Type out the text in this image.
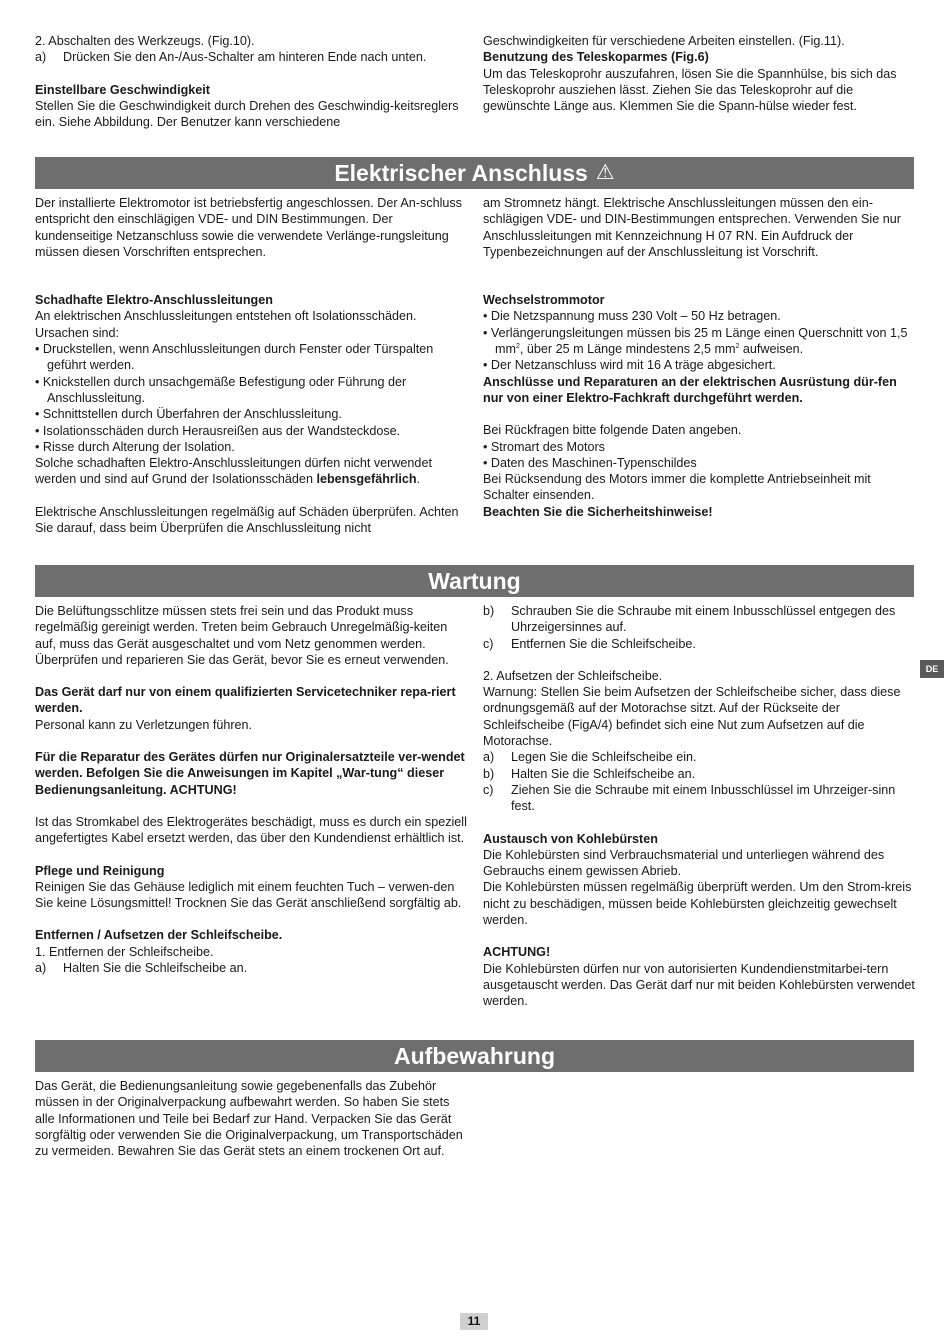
2. Abschalten des Werkzeugs. (Fig.10).

a) Drücken Sie den An-/Aus-Schalter am hinteren Ende nach unten.

Einstellbare Geschwindigkeit

Stellen Sie die Geschwindigkeit durch Drehen des Geschwindig-keitsreglers ein. Siehe Abbildung. Der Benutzer kann verschiedene

Geschwindigkeiten für verschiedene Arbeiten einstellen. (Fig.11).

Benutzung des Teleskoparmes (Fig.6)

Um das Teleskoprohr auszufahren, lösen Sie die Spannhülse, bis sich das Teleskoprohr ausziehen lässt. Ziehen Sie das Teleskoprohr auf die gewünschte Länge aus. Klemmen Sie die Spann-hülse wieder fest.

Elektrischer Anschluss ⚠

Der installierte Elektromotor ist betriebsfertig angeschlossen. Der An-schluss entspricht den einschlägigen VDE- und DIN Bestimmungen. Der kundenseitige Netzanschluss sowie die verwendete Verlänge-rungsleitung müssen diesen Vorschriften entsprechen.

Schadhafte Elektro-Anschlussleitungen

An elektrischen Anschlussleitungen entstehen oft Isolationsschäden. Ursachen sind:

• Druckstellen, wenn Anschlussleitungen durch Fenster oder Türspalten geführt werden.

• Knickstellen durch unsachgemäße Befestigung oder Führung der Anschlussleitung.

• Schnittstellen durch Überfahren der Anschlussleitung.

• Isolationsschäden durch Herausreißen aus der Wandsteckdose.

• Risse durch Alterung der Isolation.

Solche schadhaften Elektro-Anschlussleitungen dürfen nicht verwendet werden und sind auf Grund der Isolationsschäden lebensgefährlich.

Elektrische Anschlussleitungen regelmäßig auf Schäden überprüfen. Achten Sie darauf, dass beim Überprüfen die Anschlussleitung nicht

am Stromnetz hängt. Elektrische Anschlussleitungen müssen den ein-schlägigen VDE- und DIN-Bestimmungen entsprechen. Verwenden Sie nur Anschlussleitungen mit Kennzeichnung H 07 RN. Ein Aufdruck der Typenbezeichnungen auf der Anschlussleitung ist Vorschrift.

Wechselstrommotor

• Die Netzspannung muss 230 Volt – 50 Hz betragen.

• Verlängerungsleitungen müssen bis 25 m Länge einen Querschnitt von 1,5 $mm^2$, über 25 m Länge mindestens 2,5 $mm^2$ aufweisen.

• Der Netzanschluss wird mit 16 A träge abgesichert.

Anschlüsse und Reparaturen an der elektrischen Ausrüstung dür-fen nur von einer Elektro-Fachkraft durchgeführt werden.

Bei Rückfragen bitte folgende Daten angeben.

• Stromart des Motors

• Daten des Maschinen-Typenschildes

Bei Rücksendung des Motors immer die komplette Antriebseinheit mit Schalter einsenden.

Beachten Sie die Sicherheitshinweise!

Wartung

Die Belüftungsschlitze müssen stets frei sein und das Produkt muss regelmäßig gereinigt werden. Treten beim Gebrauch Unregelmäßig-keiten auf, muss das Gerät ausgeschaltet und vom Netz genommen werden. Überprüfen und reparieren Sie das Gerät, bevor Sie es erneut verwenden.

Das Gerät darf nur von einem qualifizierten Servicetechniker repa-riert werden.

Personal kann zu Verletzungen führen.

Für die Reparatur des Gerätes dürfen nur Originalersatzteile ver-wendet werden. Befolgen Sie die Anweisungen im Kapitel „War-tung“ dieser Bedienungsanleitung. ACHTUNG!

Ist das Stromkabel des Elektrogerätes beschädigt, muss es durch ein speziell angefertigtes Kabel ersetzt werden, das über den Kundendienst erhältlich ist.

Pflege und Reinigung

Reinigen Sie das Gehäuse lediglich mit einem feuchten Tuch – verwen-den Sie keine Lösungsmittel! Trocknen Sie das Gerät anschließend sorgfältig ab.

Entfernen / Aufsetzen der Schleifscheibe.

1. Entfernen der Schleifscheibe.

a) Halten Sie die Schleifscheibe an.

b) Schrauben Sie die Schraube mit einem Inbusschlüssel entgegen des Uhrzeigersinnes auf.

c) Entfernen Sie die Schleifscheibe.

2. Aufsetzen der Schleifscheibe.

Warnung: Stellen Sie beim Aufsetzen der Schleifscheibe sicher, dass diese ordnungsgemäß auf der Motorachse sitzt. Auf der Rückseite der Schleifscheibe (FigA/4) befindet sich eine Nut zum Aufsetzen auf die Motorachse.

a) Legen Sie die Schleifscheibe ein.

b) Halten Sie die Schleifscheibe an.

c) Ziehen Sie die Schraube mit einem Inbusschlüssel im Uhrzeiger-sinn fest.

Austausch von Kohlebürsten

Die Kohlebürsten sind Verbrauchsmaterial und unterliegen während des Gebrauchs einem gewissen Abrieb.

Die Kohlebürsten müssen regelmäßig überprüft werden. Um den Strom-kreis nicht zu beschädigen, müssen beide Kohlebürsten gleichzeitig gewechselt werden.

ACHTUNG!

Die Kohlebürsten dürfen nur von autorisierten Kundendienstmitarbei-tern ausgetauscht werden. Das Gerät darf nur mit beiden Kohlebürsten verwendet werden.

DE
Aufbewahrung

Das Gerät, die Bedienungsanleitung sowie gegebenenfalls das Zubehör müssen in der Originalverpackung aufbewahrt werden. So haben Sie stets alle Informationen und Teile bei Bedarf zur Hand. Verpacken Sie das Gerät sorgfältig oder verwenden Sie die Originalverpackung, um Transportschäden zu vermeiden. Bewahren Sie das Gerät stets an einem trockenen Ort auf.

11
